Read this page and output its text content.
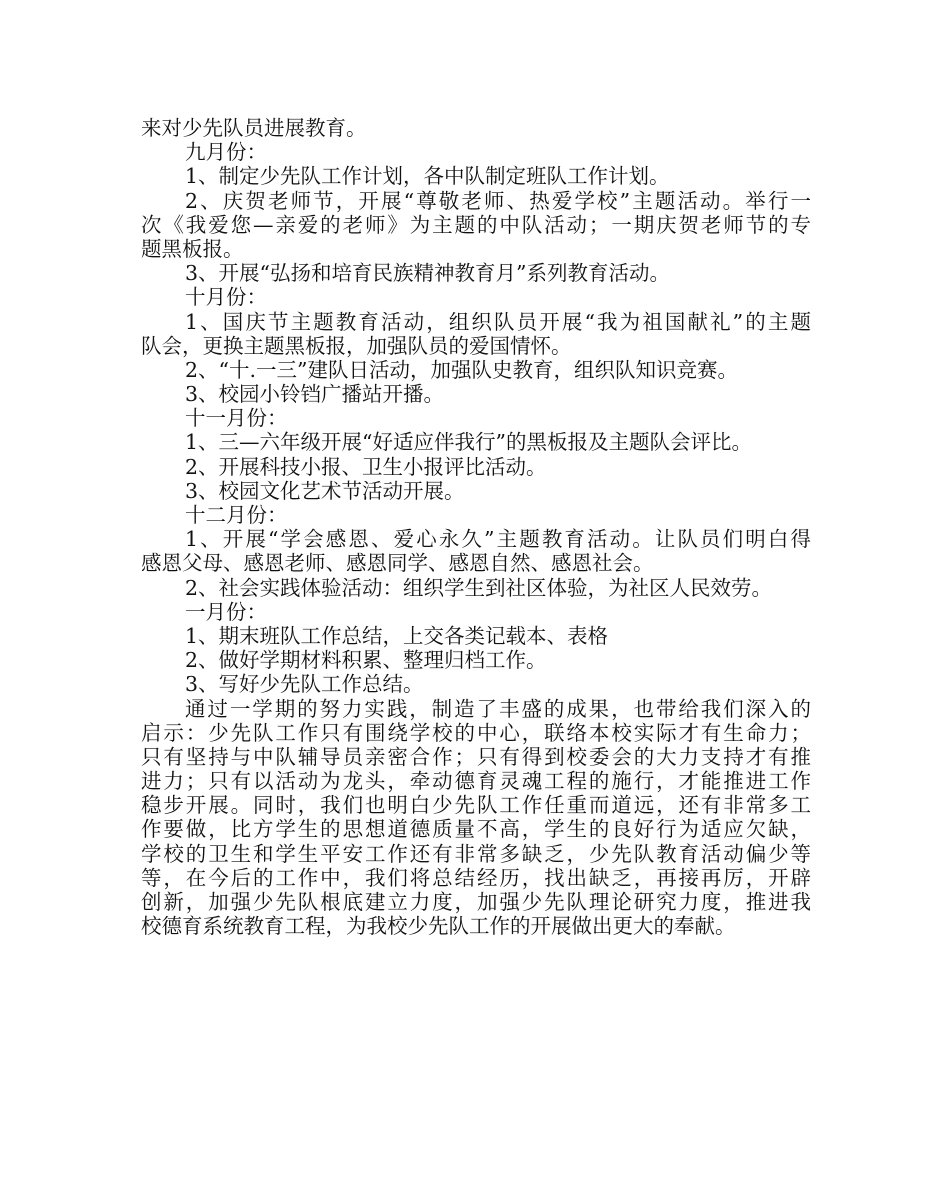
来对少先队员进展教育。
九月份：
1、制定少先队工作计划，各中队制定班队工作计划。
2、庆贺老师节，开展“尊敬老师、热爱学校”主题活动。举行一
次《我爱您—亲爱的老师》为主题的中队活动；一期庆贺老师节的专
题黑板报。
3、开展“弘扬和培育民族精神教育月”系列教育活动。
十月份：
1、国庆节主题教育活动，组织队员开展“我为祖国献礼”的主题
队会，更换主题黑板报，加强队员的爱国情怀。
2、“十.一三”建队日活动，加强队史教育，组织队知识竞赛。
3、校园小铃铛广播站开播。
十一月份：
1、三—六年级开展“好适应伴我行”的黑板报及主题队会评比。
2、开展科技小报、卫生小报评比活动。
3、校园文化艺术节活动开展。
十二月份：
1、开展“学会感恩、爱心永久”主题教育活动。让队员们明白得
感恩父母、感恩老师、感恩同学、感恩自然、感恩社会。
2、社会实践体验活动：组织学生到社区体验，为社区人民效劳。
一月份：
1、期末班队工作总结，上交各类记载本、表格
2、做好学期材料积累、整理归档工作。
3、写好少先队工作总结。
通过一学期的努力实践，制造了丰盛的成果，也带给我们深入的
启示：少先队工作只有围绕学校的中心，联络本校实际才有生命力；
只有坚持与中队辅导员亲密合作；只有得到校委会的大力支持才有推
进力；只有以活动为龙头，牵动德育灵魂工程的施行，才能推进工作
稳步开展。同时，我们也明白少先队工作任重而道远，还有非常多工
作要做，比方学生的思想道德质量不高，学生的良好行为适应欠缺，
学校的卫生和学生平安工作还有非常多缺乏，少先队教育活动偏少等
等，在今后的工作中，我们将总结经历，找出缺乏，再接再厉，开辟
创新，加强少先队根底建立力度，加强少先队理论研究力度，推进我
校德育系统教育工程，为我校少先队工作的开展做出更大的奉献。
